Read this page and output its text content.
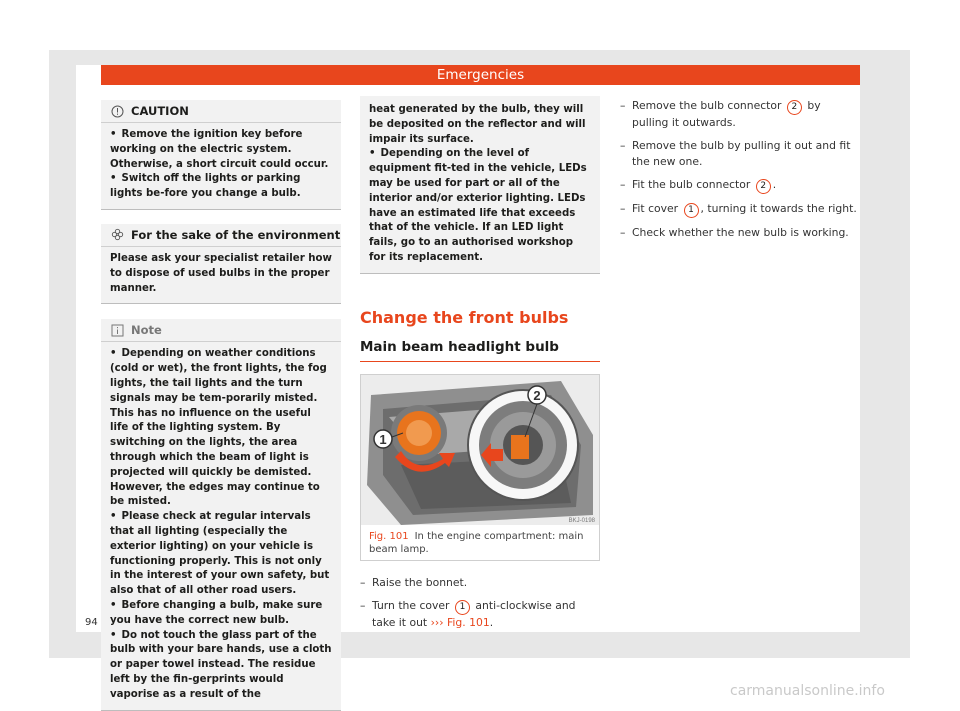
Emergencies
CAUTION

• Remove the ignition key before working on the electric system. Otherwise, a short circuit could occur.

• Switch off the lights or parking lights be-fore you change a bulb.

For the sake of the environment

Please ask your specialist retailer how to dispose of used bulbs in the proper manner.

Note

• Depending on weather conditions (cold or wet), the front lights, the fog lights, the tail lights and the turn signals may be tem-porarily misted. This has no influence on the useful life of the lighting system. By switching on the lights, the area through which the beam of light is projected will quickly be demisted. However, the edges may continue to be misted.

• Please check at regular intervals that all lighting (especially the exterior lighting) on your vehicle is functioning properly. This is not only in the interest of your own safety, but also that of all other road users.

• Before changing a bulb, make sure you have the correct new bulb.

• Do not touch the glass part of the bulb with your bare hands, use a cloth or paper towel instead. The residue left by the fin-gerprints would vaporise as a result of the

heat generated by the bulb, they will be deposited on the reflector and will impair its surface.

• Depending on the level of equipment fit-ted in the vehicle, LEDs may be used for part or all of the interior and/or exterior lighting. LEDs have an estimated life that exceeds that of the vehicle. If an LED light fails, go to an authorised workshop for its replacement.

Change the front bulbs
Main beam headlight bulb
2
1
BKJ-0198
Fig. 101 In the engine compartment: main beam lamp.
– Raise the bonnet.
– Turn the cover 1 anti-clockwise and take it out ››› Fig. 101.
– Remove the bulb connector 2 by pulling it outwards.
– Remove the bulb by pulling it out and fit the new one.
– Fit the bulb connector 2 .
– Fit cover 1 , turning it towards the right.
– Check whether the new bulb is working.
94
carmanualsonline.info
